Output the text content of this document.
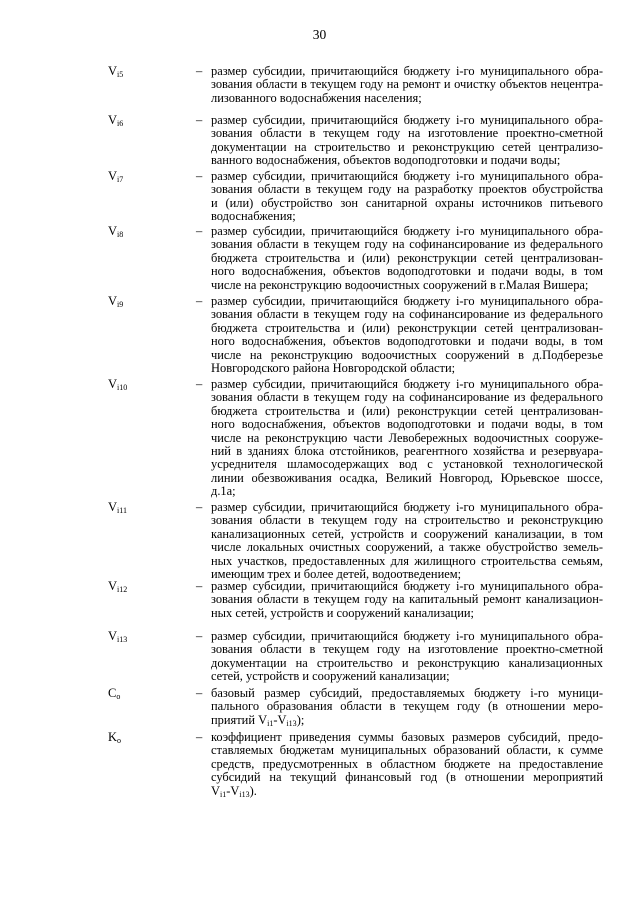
30
$V_{i5}$	– размер субсидии, причитающийся бюджету i-го муниципального обра-
зования области в текущем году на ремонт и очистку объектов нецентра-
лизованного водоснабжения населения;
$V_{i6}$	– размер субсидии, причитающийся бюджету i-го муниципального обра-
зования области в текущем году на изготовление проектно-сметной
документации на строительство и реконструкцию сетей централизо-
ванного водоснабжения, объектов водоподготовки и подачи воды;
$V_{i7}$	– размер субсидии, причитающийся бюджету i-го муниципального обра-
зования области в текущем году на разработку проектов обустройства
и (или) обустройство зон санитарной охраны источников питьевого
водоснабжения;
$V_{i8}$	– размер субсидии, причитающийся бюджету i-го муниципального обра-
зования области в текущем году на софинансирование из федерального
бюджета строительства и (или) реконструкции сетей централизован-
ного водоснабжения, объектов водоподготовки и подачи воды, в том
числе на реконструкцию водоочистных сооружений в г.Малая Вишера;
$V_{i9}$	– размер субсидии, причитающийся бюджету i-го муниципального обра-
зования области в текущем году на софинансирование из федерального
бюджета строительства и (или) реконструкции сетей централизован-
ного водоснабжения, объектов водоподготовки и подачи воды, в том
числе на реконструкцию водоочистных сооружений в д.Подберезье
Новгородского района Новгородской области;
$V_{i10}$	– размер субсидии, причитающийся бюджету i-го муниципального обра-
зования области в текущем году на софинансирование из федерального
бюджета строительства и (или) реконструкции сетей централизован-
ного водоснабжения, объектов водоподготовки и подачи воды, в том
числе на реконструкцию части Левобережных водоочистных сооруже-
ний в зданиях блока отстойников, реагентного хозяйства и резервуара-
усреднителя шламосодержащих вод с установкой технологической
линии обезвоживания осадка, Великий Новгород, Юрьевское шоссе,
д.1а;
$V_{i11}$	– размер субсидии, причитающийся бюджету i-го муниципального обра-
зования области в текущем году на строительство и реконструкцию
канализационных сетей, устройств и сооружений канализации, в том
числе локальных очистных сооружений, а также обустройство земель-
ных участков, предоставленных для жилищного строительства семьям,
имеющим трех и более детей, водоотведением;
$V_{i12}$	– размер субсидии, причитающийся бюджету i-го муниципального обра-
зования области в текущем году на капитальный ремонт канализацион-
ных сетей, устройств и сооружений канализации;
$V_{i13}$	– размер субсидии, причитающийся бюджету i-го муниципального обра-
зования области в текущем году на изготовление проектно-сметной
документации на строительство и реконструкцию канализационных
сетей, устройств и сооружений канализации;
$C_o$	– базовый размер субсидий, предоставляемых бюджету i-го муници-
пального образования области в текущем году (в отношении меро-
приятий $V_{i1}-V_{i13}$);
$K_o$	– коэффициент приведения суммы базовых размеров субсидий, предо-
ставляемых бюджетам муниципальных образований области, к сумме
средств, предусмотренных в областном бюджете на предоставление
субсидий на текущий финансовый год (в отношении мероприятий
$V_{i1}-V_{i13}$).
